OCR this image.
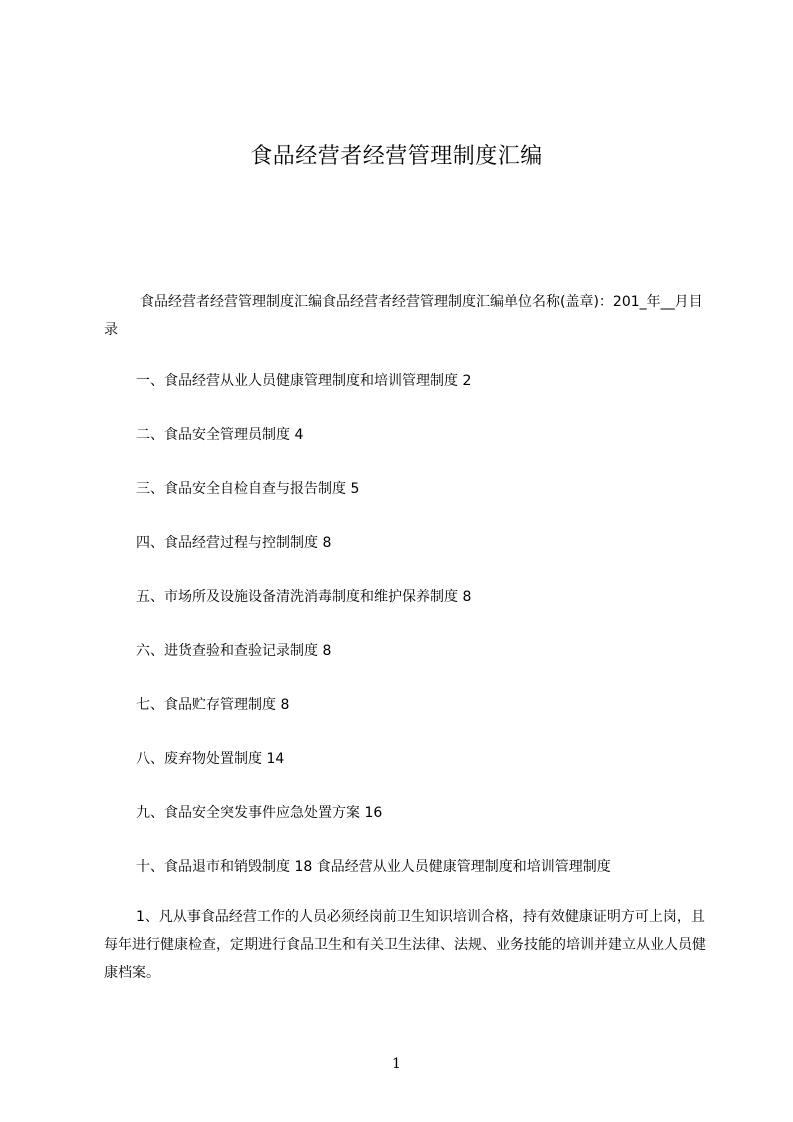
食品经营者经营管理制度汇编

食品经营者经营管理制度汇编食品经营者经营管理制度汇编单位名称(盖章)：201_年__月目录

一、食品经营从业人员健康管理制度和培训管理制度 2
二、食品安全管理员制度 4
三、食品安全自检自查与报告制度 5
四、食品经营过程与控制制度 8
五、市场所及设施设备清洗消毒制度和维护保养制度 8
六、进货查验和查验记录制度 8
七、食品贮存管理制度 8
八、废弃物处置制度 14
九、食品安全突发事件应急处置方案 16
十、食品退市和销毁制度 18 食品经营从业人员健康管理制度和培训管理制度

1、凡从事食品经营工作的人员必须经岗前卫生知识培训合格，持有效健康证明方可上岗，且每年进行健康检查，定期进行食品卫生和有关卫生法律、法规、业务技能的培训并建立从业人员健康档案。

1
